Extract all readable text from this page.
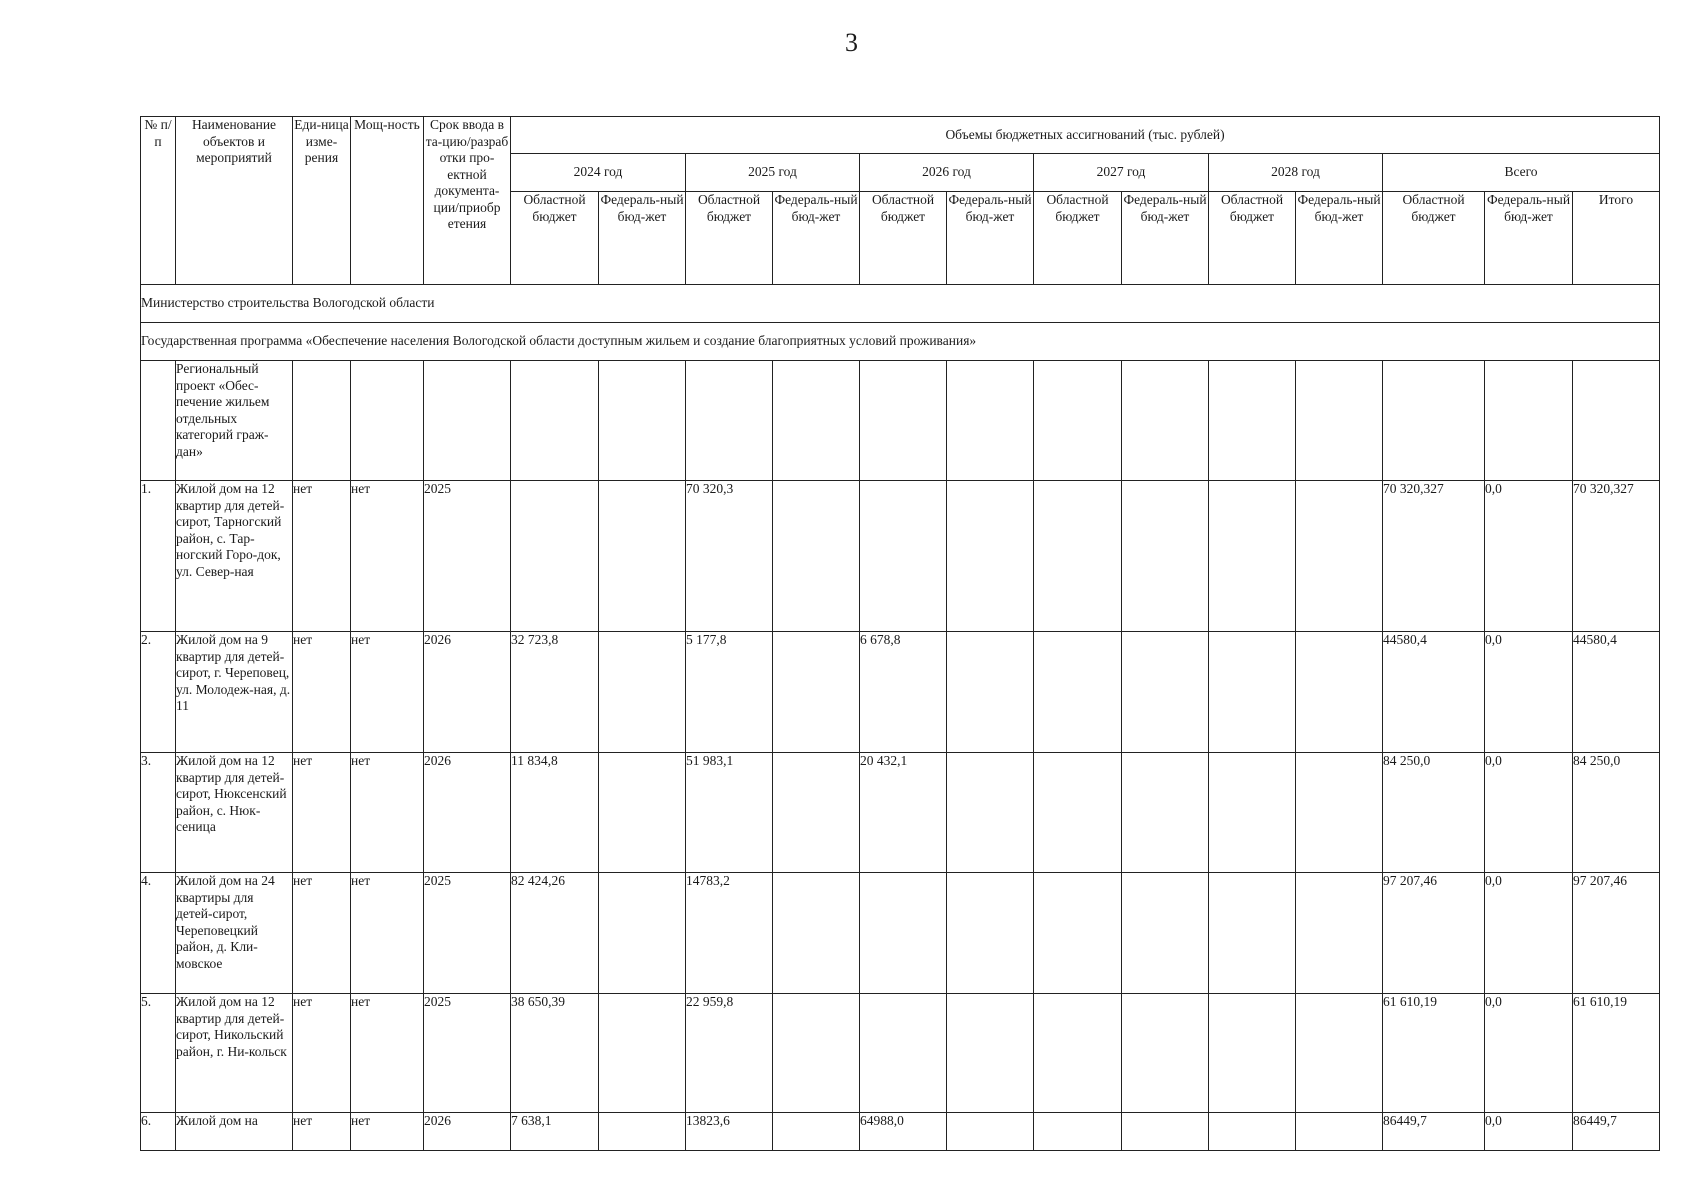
3
№ п/п	Наименование объектов и мероприятий	Еди-ница изме-рения	Мощ-ность	Срок ввода в та-цию/разраб отки про-ектной документа-ции/приобр етения	Объемы бюджетных ассигнований (тыс. рублей)												
					2024 год		2025 год		2026 год		2027 год		2028 год		Всего		
					Областной бюджет	Федераль-ный бюд-жет	Областной бюджет	Федераль-ный бюд-жет	Областной бюджет	Федераль-ный бюд-жет	Областной бюджет	Федераль-ный бюд-жет	Областной бюджет	Федераль-ный бюд-жет	Областной бюджет	Федераль-ный бюд-жет	Итого
Министерство строительства Вологодской области																	
Государственная программа «Обеспечение населения Вологодской области доступным жильем и создание благоприятных условий проживания»																	
	Региональный проект «Обес-печение жильем отдельных категорий граж-дан»																
1.	Жилой дом на 12 квартир для детей-сирот, Тарногский район, с. Тар-ногский Горо-док, ул. Север-ная	нет	нет	2025			70 320,3								70 320,327	0,0	70 320,327
2.	Жилой дом на 9 квартир для детей-сирот, г. Череповец, ул. Молодеж-ная, д. 11	нет	нет	2026	32 723,8		5 177,8		6 678,8						44580,4	0,0	44580,4
3.	Жилой дом на 12 квартир для детей-сирот, Нюксенский район, с. Нюк-сеница	нет	нет	2026	11 834,8		51 983,1		20 432,1						84 250,0	0,0	84 250,0
4.	Жилой дом на 24 квартиры для детей-сирот, Череповецкий район, д. Кли-мовское	нет	нет	2025	82 424,26		14783,2								97 207,46	0,0	97 207,46
5.	Жилой дом на 12 квартир для детей-сирот, Никольский район, г. Ни-кольск	нет	нет	2025	38 650,39		22 959,8								61 610,19	0,0	61 610,19
6.	Жилой дом на	нет	нет	2026	7 638,1		13823,6		64988,0						86449,7	0,0	86449,7
